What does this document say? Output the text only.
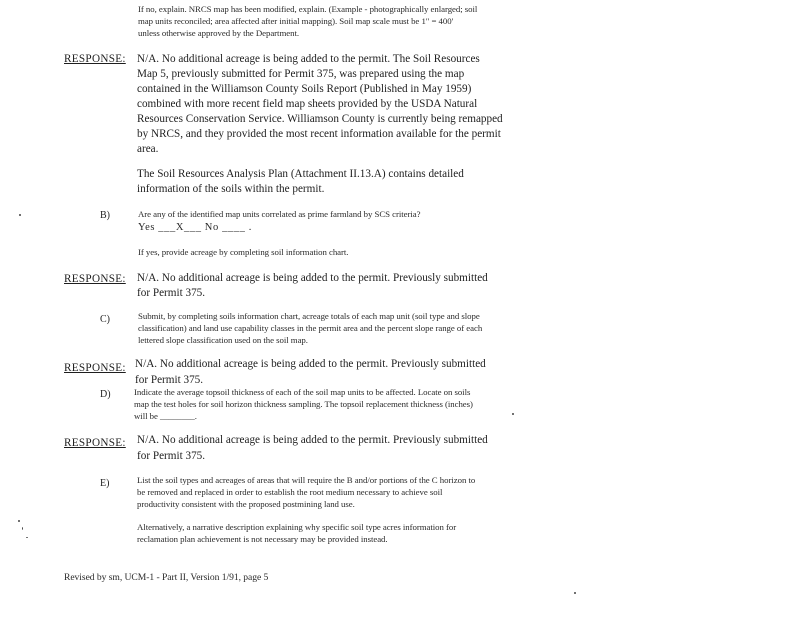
If no, explain. NRCS map has been modified, explain. (Example - photographically enlarged; soil

map units reconciled; area affected after initial mapping). Soil map scale must be 1" = 400'

unless otherwise approved by the Department.

RESPONSE: N/A. No additional acreage is being added to the permit. The Soil Resources

Map 5, previously submitted for Permit 375, was prepared using the map

contained in the Williamson County Soils Report (Published in May 1959)

combined with more recent field map sheets provided by the USDA Natural

Resources Conservation Service. Williamson County is currently being remapped

by NRCS, and they provided the most recent information available for the permit

area.

The Soil Resources Analysis Plan (Attachment II.13.A) contains detailed

information of the soils within the permit.

B)	Are any of the identified map units correlated as prime farmland by SCS criteria?

Yes ___X___ No ____ .

If yes, provide acreage by completing soil information chart.

RESPONSE: N/A. No additional acreage is being added to the permit. Previously submitted

for Permit 375.

C)	Submit, by completing soils information chart, acreage totals of each map unit (soil type and slope

classification) and land use capability classes in the permit area and the percent slope range of each

lettered slope classification used on the soil map.

RESPONSE: N/A. No additional acreage is being added to the permit. Previously submitted

for Permit 375.

D)	Indicate the average topsoil thickness of each of the soil map units to be affected. Locate on soils

map the test holes for soil horizon thickness sampling. The topsoil replacement thickness (inches)

will be ________.

RESPONSE: N/A. No additional acreage is being added to the permit. Previously submitted

for Permit 375.

E)	List the soil types and acreages of areas that will require the B and/or portions of the C horizon to

be removed and replaced in order to establish the root medium necessary to achieve soil

productivity consistent with the proposed postmining land use.

Alternatively, a narrative description explaining why specific soil type acres information for

reclamation plan achievement is not necessary may be provided instead.

Revised by sm, UCM-1 - Part II, Version 1/91, page 5
